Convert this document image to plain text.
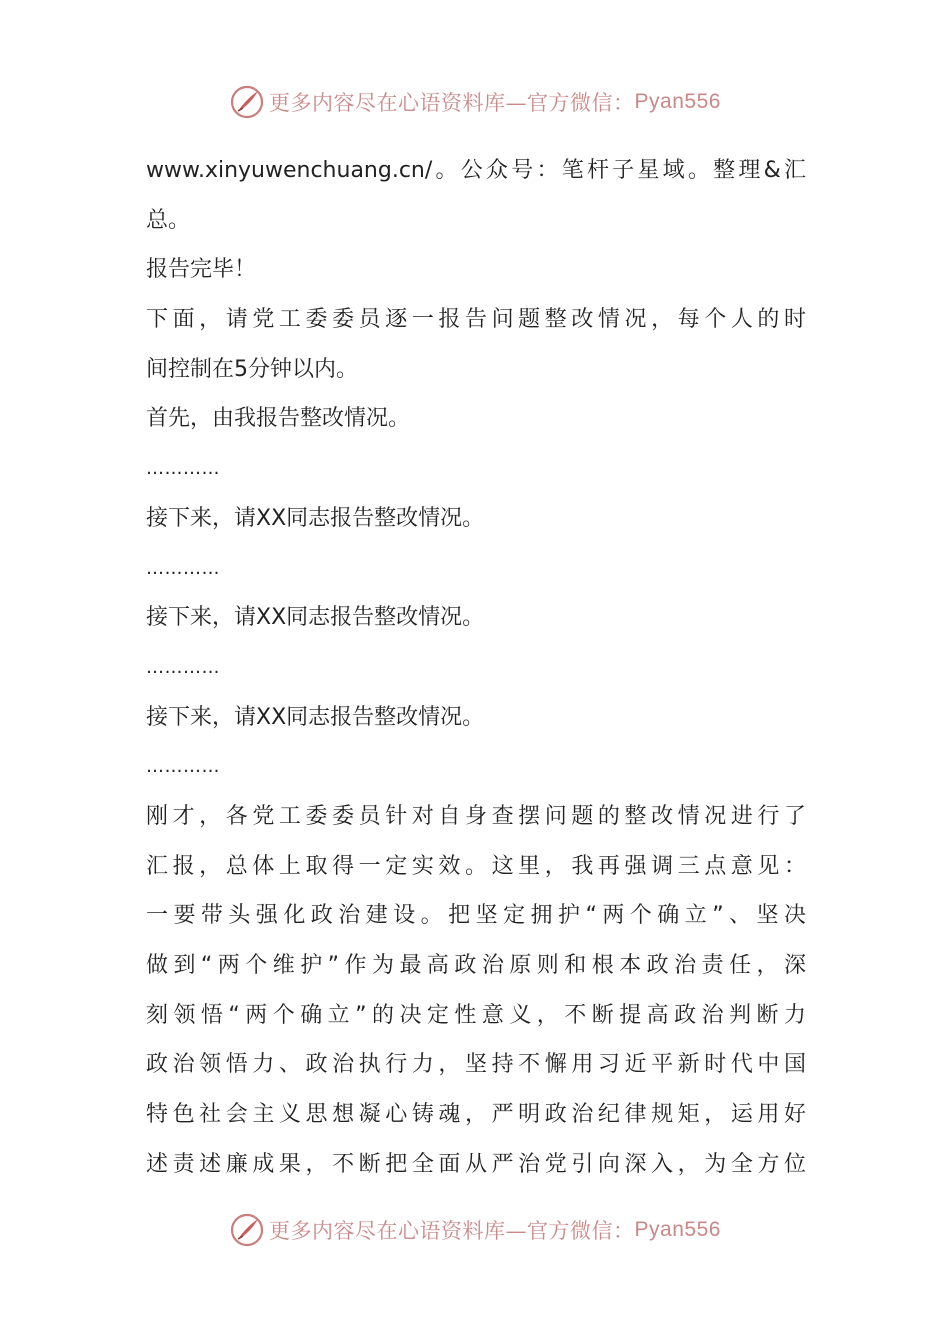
更多内容尽在心语资料库—官方微信： Pyan556
www.xinyuwenchuang.cn/。公众号：笔杆子星域。整理&汇
总。
报告完毕！
下面，请党工委委员逐一报告问题整改情况，每个人的时
间控制在5分钟以内。
首先，由我报告整改情况。
…………
接下来，请XX同志报告整改情况。
…………
接下来，请XX同志报告整改情况。
…………
接下来，请XX同志报告整改情况。
…………
刚才，各党工委委员针对自身查摆问题的整改情况进行了
汇报，总体上取得一定实效。这里，我再强调三点意见：
一要带头强化政治建设。把坚定拥护“两个确立”、坚决
做到“两个维护”作为最高政治原则和根本政治责任，深
刻领悟“两个确立”的决定性意义，不断提高政治判断力
政治领悟力、政治执行力，坚持不懈用习近平新时代中国
特色社会主义思想凝心铸魂，严明政治纪律规矩，运用好
述责述廉成果，不断把全面从严治党引向深入，为全方位
更多内容尽在心语资料库—官方微信： Pyan556
